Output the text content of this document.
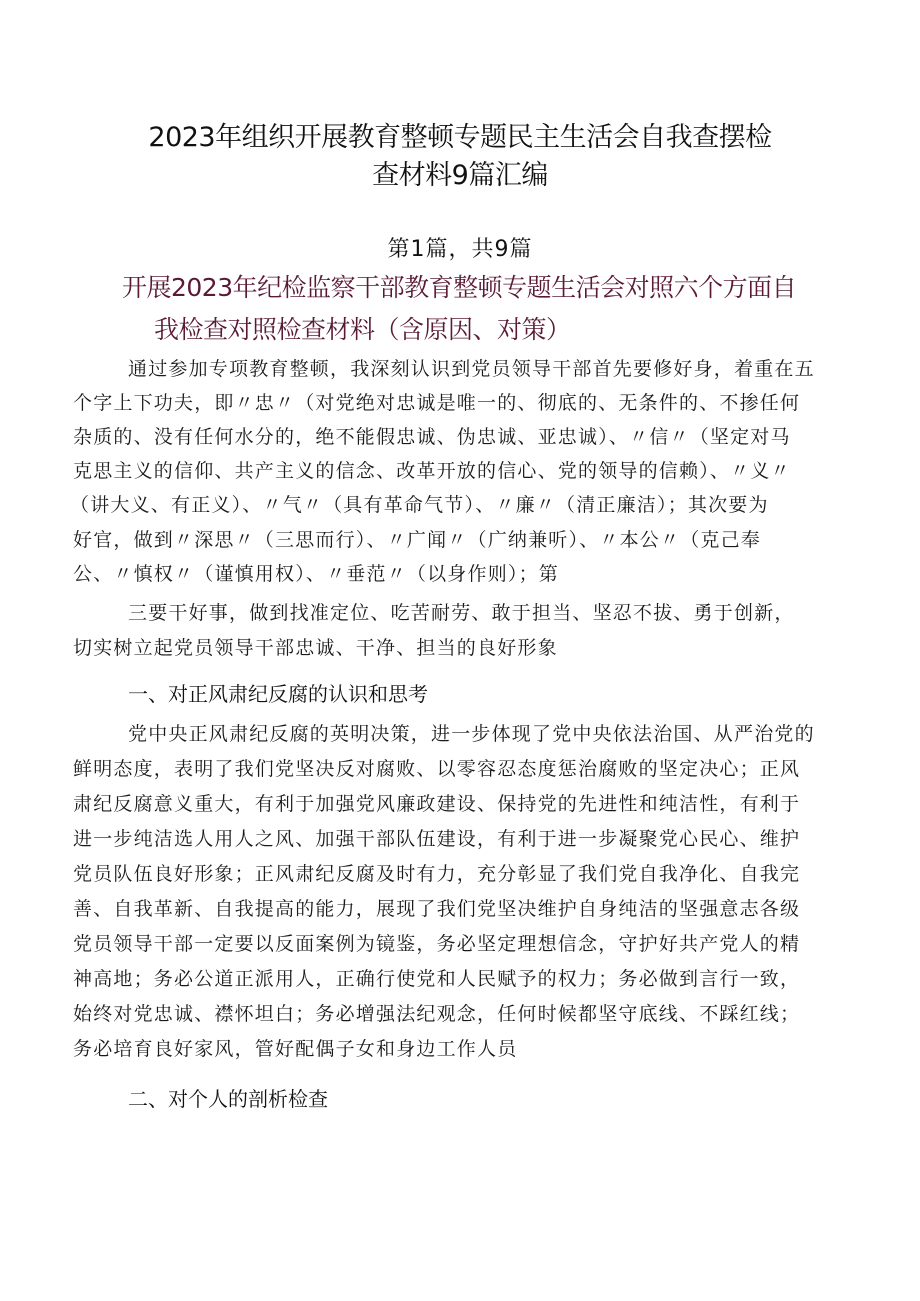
2023年组织开展教育整顿专题民主生活会自我查摆检
查材料9篇汇编
第1篇，共9篇
开展2023年纪检监察干部教育整顿专题生活会对照六个方面自
我检查对照检查材料（含原因、对策）
通过参加专项教育整顿，我深刻认识到党员领导干部首先要修好身，着重在五
个字上下功夫，即〃忠〃（对党绝对忠诚是唯一的、彻底的、无条件的、不掺任何
杂质的、没有任何水分的，绝不能假忠诚、伪忠诚、亚忠诚）、〃信〃（坚定对马
克思主义的信仰、共产主义的信念、改革开放的信心、党的领导的信赖）、〃义〃
（讲大义、有正义）、〃气〃（具有革命气节）、〃廉〃（清正廉洁）；其次要为
好官，做到〃深思〃（三思而行）、〃广闻〃（广纳兼听）、〃本公〃（克己奉
公、〃慎权〃（谨慎用权）、〃垂范〃（以身作则）；第
三要干好事，做到找准定位、吃苦耐劳、敢于担当、坚忍不拔、勇于创新，
切实树立起党员领导干部忠诚、干净、担当的良好形象
一、对正风肃纪反腐的认识和思考
党中央正风肃纪反腐的英明决策，进一步体现了党中央依法治国、从严治党的
鲜明态度，表明了我们党坚决反对腐败、以零容忍态度惩治腐败的坚定决心；正风
肃纪反腐意义重大，有利于加强党风廉政建设、保持党的先进性和纯洁性，有利于
进一步纯洁选人用人之风、加强干部队伍建设，有利于进一步凝聚党心民心、维护
党员队伍良好形象；正风肃纪反腐及时有力，充分彰显了我们党自我净化、自我完
善、自我革新、自我提高的能力，展现了我们党坚决维护自身纯洁的坚强意志各级
党员领导干部一定要以反面案例为镜鉴，务必坚定理想信念，守护好共产党人的精
神高地；务必公道正派用人，正确行使党和人民赋予的权力；务必做到言行一致，
始终对党忠诚、襟怀坦白；务必增强法纪观念，任何时候都坚守底线、不踩红线；
务必培育良好家风，管好配偶子女和身边工作人员
二、对个人的剖析检查
